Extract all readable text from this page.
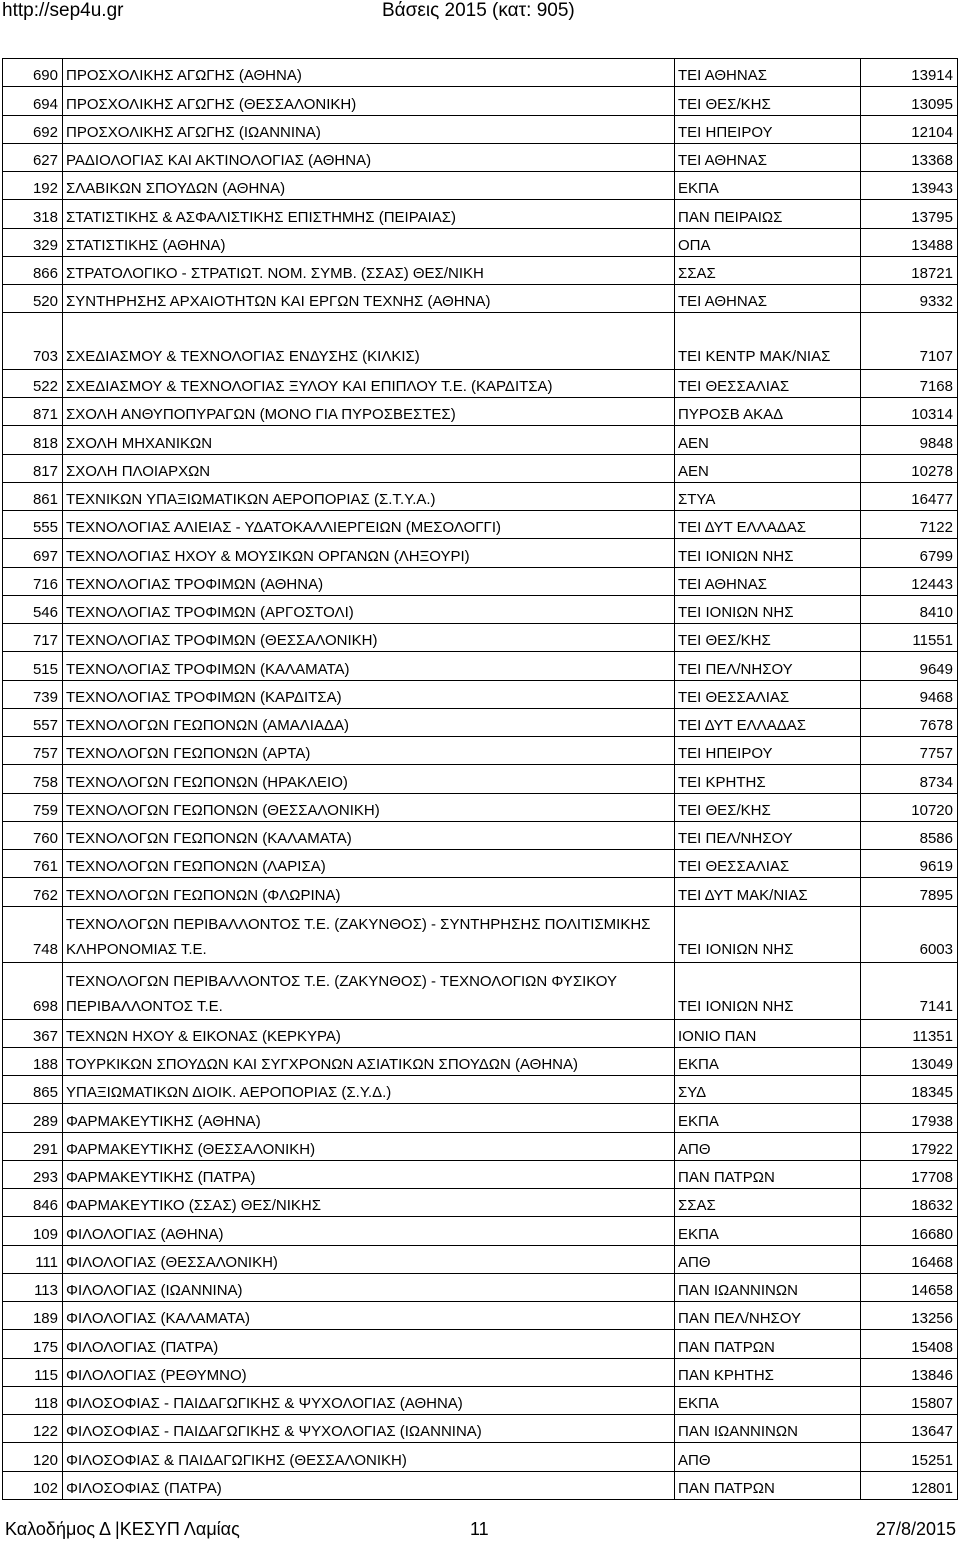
http://sep4u.gr	Βάσεις 2015 (κατ: 905)
690	ΠΡΟΣΧΟΛΙΚΗΣ ΑΓΩΓΗΣ (ΑΘΗΝΑ)	ΤΕΙ ΑΘΗΝΑΣ	13914
694	ΠΡΟΣΧΟΛΙΚΗΣ ΑΓΩΓΗΣ (ΘΕΣΣΑΛΟΝΙΚΗ)	ΤΕΙ ΘΕΣ/ΚΗΣ	13095
692	ΠΡΟΣΧΟΛΙΚΗΣ ΑΓΩΓΗΣ (ΙΩΑΝΝΙΝΑ)	ΤΕΙ ΗΠΕΙΡΟΥ	12104
627	ΡΑΔΙΟΛΟΓΙΑΣ ΚΑΙ ΑΚΤΙΝΟΛΟΓΙΑΣ (ΑΘΗΝΑ)	ΤΕΙ ΑΘΗΝΑΣ	13368
192	ΣΛΑΒΙΚΩΝ ΣΠΟΥΔΩΝ (ΑΘΗΝΑ)	ΕΚΠΑ	13943
318	ΣΤΑΤΙΣΤΙΚΗΣ & ΑΣΦΑΛΙΣΤΙΚΗΣ ΕΠΙΣΤΗΜΗΣ (ΠΕΙΡΑΙΑΣ)	ΠΑΝ ΠΕΙΡΑΙΩΣ	13795
329	ΣΤΑΤΙΣΤΙΚΗΣ (ΑΘΗΝΑ)	ΟΠΑ	13488
866	ΣΤΡΑΤΟΛΟΓΙΚΟ - ΣΤΡΑΤΙΩΤ. ΝΟΜ. ΣΥΜΒ. (ΣΣΑΣ) ΘΕΣ/ΝΙΚΗ	ΣΣΑΣ	18721
520	ΣΥΝΤΗΡΗΣΗΣ ΑΡΧΑΙΟΤΗΤΩΝ ΚΑΙ ΕΡΓΩΝ ΤΕΧΝΗΣ (ΑΘΗΝΑ)	ΤΕΙ ΑΘΗΝΑΣ	9332
703	ΣΧΕΔΙΑΣΜΟΥ & ΤΕΧΝΟΛΟΓΙΑΣ ΕΝΔΥΣΗΣ (ΚΙΛΚΙΣ)	ΤΕΙ ΚΕΝΤΡ ΜΑΚ/ΝΙΑΣ	7107
522	ΣΧΕΔΙΑΣΜΟΥ & ΤΕΧΝΟΛΟΓΙΑΣ ΞΥΛΟΥ ΚΑΙ ΕΠΙΠΛΟΥ Τ.Ε. (ΚΑΡΔΙΤΣΑ)	ΤΕΙ ΘΕΣΣΑΛΙΑΣ	7168
871	ΣΧΟΛΗ ΑΝΘΥΠΟΠΥΡΑΓΩΝ (ΜΟΝΟ ΓΙΑ ΠΥΡΟΣΒΕΣΤΕΣ)	ΠΥΡΟΣΒ ΑΚΑΔ	10314
818	ΣΧΟΛΗ ΜΗΧΑΝΙΚΩΝ	ΑΕΝ	9848
817	ΣΧΟΛΗ ΠΛΟΙΑΡΧΩΝ	ΑΕΝ	10278
861	ΤΕΧΝΙΚΩΝ ΥΠΑΞΙΩΜΑΤΙΚΩΝ ΑΕΡΟΠΟΡΙΑΣ (Σ.Τ.Υ.Α.)	ΣΤΥΑ	16477
555	ΤΕΧΝΟΛΟΓΙΑΣ ΑΛΙΕΙΑΣ - ΥΔΑΤΟΚΑΛΛΙΕΡΓΕΙΩΝ (ΜΕΣΟΛΟΓΓΙ)	ΤΕΙ ΔΥΤ ΕΛΛΑΔΑΣ	7122
697	ΤΕΧΝΟΛΟΓΙΑΣ ΗΧΟΥ & ΜΟΥΣΙΚΩΝ ΟΡΓΑΝΩΝ (ΛΗΞΟΥΡΙ)	ΤΕΙ ΙΟΝΙΩΝ ΝΗΣ	6799
716	ΤΕΧΝΟΛΟΓΙΑΣ ΤΡΟΦΙΜΩΝ (ΑΘΗΝΑ)	ΤΕΙ ΑΘΗΝΑΣ	12443
546	ΤΕΧΝΟΛΟΓΙΑΣ ΤΡΟΦΙΜΩΝ (ΑΡΓΟΣΤΟΛΙ)	ΤΕΙ ΙΟΝΙΩΝ ΝΗΣ	8410
717	ΤΕΧΝΟΛΟΓΙΑΣ ΤΡΟΦΙΜΩΝ (ΘΕΣΣΑΛΟΝΙΚΗ)	ΤΕΙ ΘΕΣ/ΚΗΣ	11551
515	ΤΕΧΝΟΛΟΓΙΑΣ ΤΡΟΦΙΜΩΝ (ΚΑΛΑΜΑΤΑ)	ΤΕΙ ΠΕΛ/ΝΗΣΟΥ	9649
739	ΤΕΧΝΟΛΟΓΙΑΣ ΤΡΟΦΙΜΩΝ (ΚΑΡΔΙΤΣΑ)	ΤΕΙ ΘΕΣΣΑΛΙΑΣ	9468
557	ΤΕΧΝΟΛΟΓΩΝ ΓΕΩΠΟΝΩΝ (ΑΜΑΛΙΑΔΑ)	ΤΕΙ ΔΥΤ ΕΛΛΑΔΑΣ	7678
757	ΤΕΧΝΟΛΟΓΩΝ ΓΕΩΠΟΝΩΝ (ΑΡΤΑ)	ΤΕΙ ΗΠΕΙΡΟΥ	7757
758	ΤΕΧΝΟΛΟΓΩΝ ΓΕΩΠΟΝΩΝ (ΗΡΑΚΛΕΙΟ)	ΤΕΙ ΚΡΗΤΗΣ	8734
759	ΤΕΧΝΟΛΟΓΩΝ ΓΕΩΠΟΝΩΝ (ΘΕΣΣΑΛΟΝΙΚΗ)	ΤΕΙ ΘΕΣ/ΚΗΣ	10720
760	ΤΕΧΝΟΛΟΓΩΝ ΓΕΩΠΟΝΩΝ (ΚΑΛΑΜΑΤΑ)	ΤΕΙ ΠΕΛ/ΝΗΣΟΥ	8586
761	ΤΕΧΝΟΛΟΓΩΝ ΓΕΩΠΟΝΩΝ (ΛΑΡΙΣΑ)	ΤΕΙ ΘΕΣΣΑΛΙΑΣ	9619
762	ΤΕΧΝΟΛΟΓΩΝ ΓΕΩΠΟΝΩΝ (ΦΛΩΡΙΝΑ)	ΤΕΙ ΔΥΤ ΜΑΚ/ΝΙΑΣ	7895
748	ΤΕΧΝΟΛΟΓΩΝ ΠΕΡΙΒΑΛΛΟΝΤΟΣ Τ.Ε. (ΖΑΚΥΝΘΟΣ) - ΣΥΝΤΗΡΗΣΗΣ ΠΟΛΙΤΙΣΜΙΚΗΣ ΚΛΗΡΟΝΟΜΙΑΣ Τ.Ε.	ΤΕΙ ΙΟΝΙΩΝ ΝΗΣ	6003
698	ΤΕΧΝΟΛΟΓΩΝ ΠΕΡΙΒΑΛΛΟΝΤΟΣ Τ.Ε. (ΖΑΚΥΝΘΟΣ) - ΤΕΧΝΟΛΟΓΙΩΝ ΦΥΣΙΚΟΥ ΠΕΡΙΒΑΛΛΟΝΤΟΣ Τ.Ε.	ΤΕΙ ΙΟΝΙΩΝ ΝΗΣ	7141
367	ΤΕΧΝΩΝ ΗΧΟΥ & ΕΙΚΟΝΑΣ (ΚΕΡΚΥΡΑ)	ΙΟΝΙΟ ΠΑΝ	11351
188	ΤΟΥΡΚΙΚΩΝ ΣΠΟΥΔΩΝ ΚΑΙ ΣΥΓΧΡΟΝΩΝ ΑΣΙΑΤΙΚΩΝ ΣΠΟΥΔΩΝ (ΑΘΗΝΑ)	ΕΚΠΑ	13049
865	ΥΠΑΞΙΩΜΑΤΙΚΩΝ ΔΙΟΙΚ. ΑΕΡΟΠΟΡΙΑΣ (Σ.Υ.Δ.)	ΣΥΔ	18345
289	ΦΑΡΜΑΚΕΥΤΙΚΗΣ (ΑΘΗΝΑ)	ΕΚΠΑ	17938
291	ΦΑΡΜΑΚΕΥΤΙΚΗΣ (ΘΕΣΣΑΛΟΝΙΚΗ)	ΑΠΘ	17922
293	ΦΑΡΜΑΚΕΥΤΙΚΗΣ (ΠΑΤΡΑ)	ΠΑΝ ΠΑΤΡΩΝ	17708
846	ΦΑΡΜΑΚΕΥΤΙΚΟ (ΣΣΑΣ) ΘΕΣ/ΝΙΚΗΣ	ΣΣΑΣ	18632
109	ΦΙΛΟΛΟΓΙΑΣ (ΑΘΗΝΑ)	ΕΚΠΑ	16680
111	ΦΙΛΟΛΟΓΙΑΣ (ΘΕΣΣΑΛΟΝΙΚΗ)	ΑΠΘ	16468
113	ΦΙΛΟΛΟΓΙΑΣ (ΙΩΑΝΝΙΝΑ)	ΠΑΝ ΙΩΑΝΝΙΝΩΝ	14658
189	ΦΙΛΟΛΟΓΙΑΣ (ΚΑΛΑΜΑΤΑ)	ΠΑΝ ΠΕΛ/ΝΗΣΟΥ	13256
175	ΦΙΛΟΛΟΓΙΑΣ (ΠΑΤΡΑ)	ΠΑΝ ΠΑΤΡΩΝ	15408
115	ΦΙΛΟΛΟΓΙΑΣ (ΡΕΘΥΜΝΟ)	ΠΑΝ ΚΡΗΤΗΣ	13846
118	ΦΙΛΟΣΟΦΙΑΣ - ΠΑΙΔΑΓΩΓΙΚΗΣ & ΨΥΧΟΛΟΓΙΑΣ (ΑΘΗΝΑ)	ΕΚΠΑ	15807
122	ΦΙΛΟΣΟΦΙΑΣ - ΠΑΙΔΑΓΩΓΙΚΗΣ & ΨΥΧΟΛΟΓΙΑΣ (ΙΩΑΝΝΙΝΑ)	ΠΑΝ ΙΩΑΝΝΙΝΩΝ	13647
120	ΦΙΛΟΣΟΦΙΑΣ & ΠΑΙΔΑΓΩΓΙΚΗΣ (ΘΕΣΣΑΛΟΝΙΚΗ)	ΑΠΘ	15251
102	ΦΙΛΟΣΟΦΙΑΣ (ΠΑΤΡΑ)	ΠΑΝ ΠΑΤΡΩΝ	12801
Καλοδήμος Δ |ΚΕΣΥΠ Λαμίας	11	27/8/2015
